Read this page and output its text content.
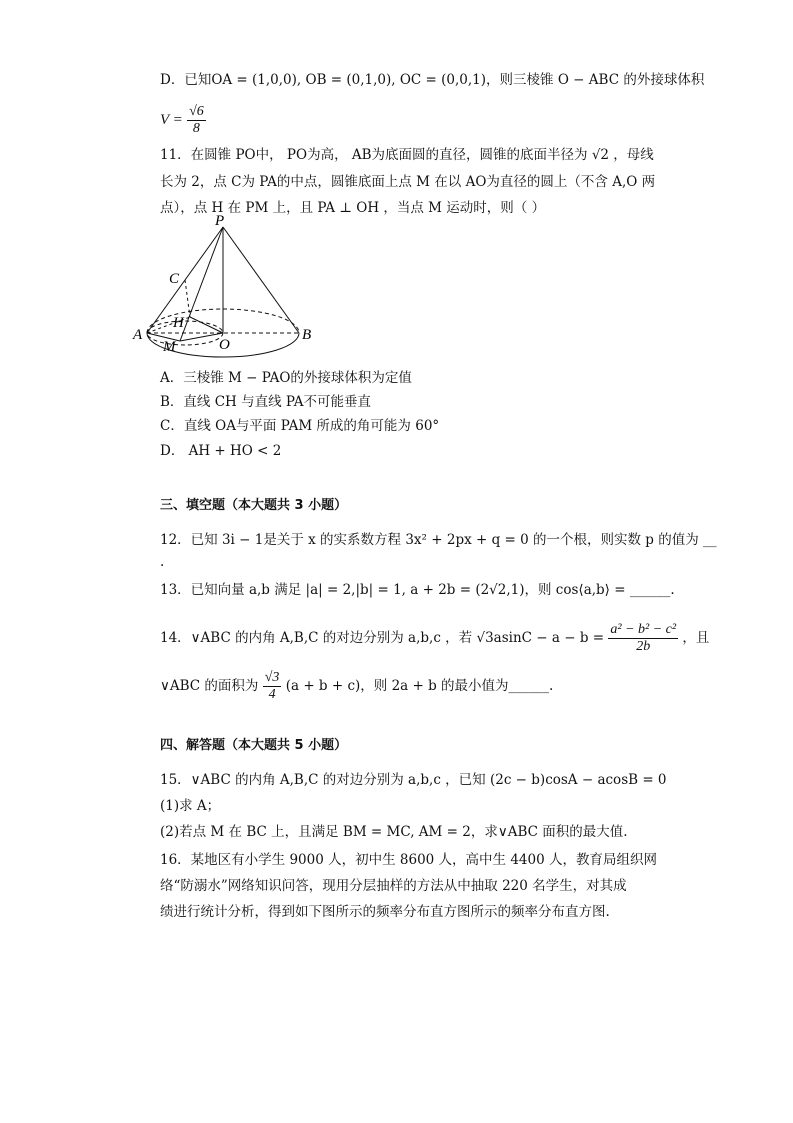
D．已知OA = (1,0,0), OB = (0,1,0), OC = (0,0,1)，则三棱锥 O − ABC 的外接球体积
$V = \frac{√6}{8}$
11．在圆锥 PO中， PO为高， AB为底面圆的直径，圆锥的底面半径为 √2 ，母线
长为 2，点 C为 PA的中点，圆锥底面上点 M 在以 AO为直径的圆上（不含 A,O 两
点），点 H 在 PM 上，且 PA ⊥ OH ，当点 M 运动时，则（ ）
P
C
H
A
M	O
B
A．三棱锥 M − PAO的外接球体积为定值
B．直线 CH 与直线 PA不可能垂直
C．直线 OA与平面 PAM 所成的角可能为 60°
D． AH + HO < 2
三、填空题（本大题共 3 小题）
12．已知 3i − 1是关于 x 的实系数方程 3x² + 2px + q = 0 的一个根，则实数 p 的值为 __
.
13．已知向量 a,b 满足 |a| = 2,|b| = 1, a + 2b = (2√2,1)，则 cos⟨a,b⟩ = ______.
14．∨ABC 的内角 A,B,C 的对边分别为 a,b,c ，若 $√3asinC - a - b = \frac{\text{a² − b² − c²}}{2b}$ ，且
∨ABC 的面积为 $\frac{√3}{4} (a + b + c)$，则 2a + b 的最小值为______.
四、解答题（本大题共 5 小题）
15．∨ABC 的内角 A,B,C 的对边分别为 a,b,c ，已知 (2c − b)cosA − acosB = 0
(1)求 A；
(2)若点 M 在 BC 上，且满足 BM = MC, AM = 2，求∨ABC 面积的最大值.
16．某地区有小学生 9000 人，初中生 8600 人，高中生 4400 人，教育局组织网
络“防溺水”网络知识问答，现用分层抽样的方法从中抽取 220 名学生，对其成
绩进行统计分析，得到如下图所示的频率分布直方图所示的频率分布直方图.
